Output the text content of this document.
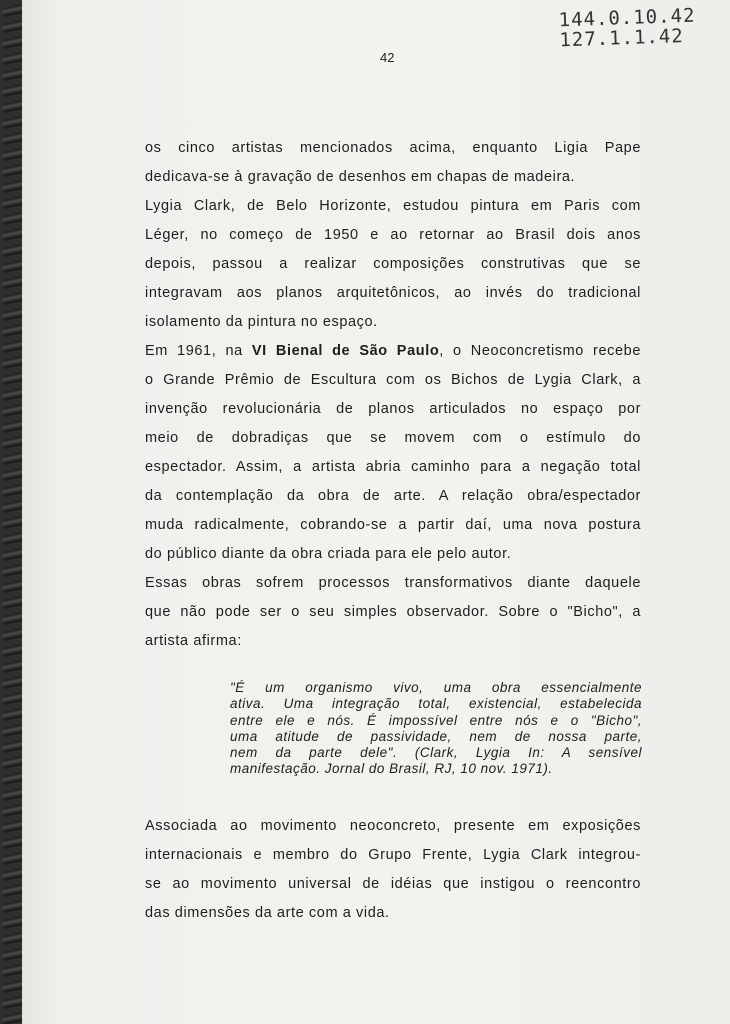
144.0.10.42
127.1.1.42
42

os cinco artistas mencionados acima, enquanto Ligia Pape

dedicava-se à gravação de desenhos em chapas de madeira.

Lygia Clark, de Belo Horizonte, estudou pintura em Paris com

Léger, no começo de 1950 e ao retornar ao Brasil dois anos

depois, passou a realizar composições construtivas que se

integravam aos planos arquitetônicos, ao invés do tradicional

isolamento da pintura no espaço.

Em 1961, na VI Bienal de São Paulo, o Neoconcretismo recebe

o Grande Prêmio de Escultura com os Bichos de Lygia Clark, a

invenção revolucionária de planos articulados no espaço por

meio de dobradiças que se movem com o estímulo do

espectador. Assim, a artista abria caminho para a negação total

da contemplação da obra de arte. A relação obra/espectador

muda radicalmente, cobrando-se a partir daí, uma nova postura

do público diante da obra criada para ele pelo autor.

Essas obras sofrem processos transformativos diante daquele

que não pode ser o seu simples observador. Sobre o "Bicho", a

artista afirma:

"É um organismo vivo, uma obra essencialmente
ativa. Uma integração total, existencial, estabelecida
entre ele e nós. É impossível entre nós e o "Bicho",
uma atitude de passividade, nem de nossa parte,
nem da parte dele". (Clark, Lygia In: A sensível
manifestação. Jornal do Brasil, RJ, 10 nov. 1971).

Associada ao movimento neoconcreto, presente em exposições

internacionais e membro do Grupo Frente, Lygia Clark integrou-

se ao movimento universal de idéias que instigou o reencontro

das dimensões da arte com a vida.
